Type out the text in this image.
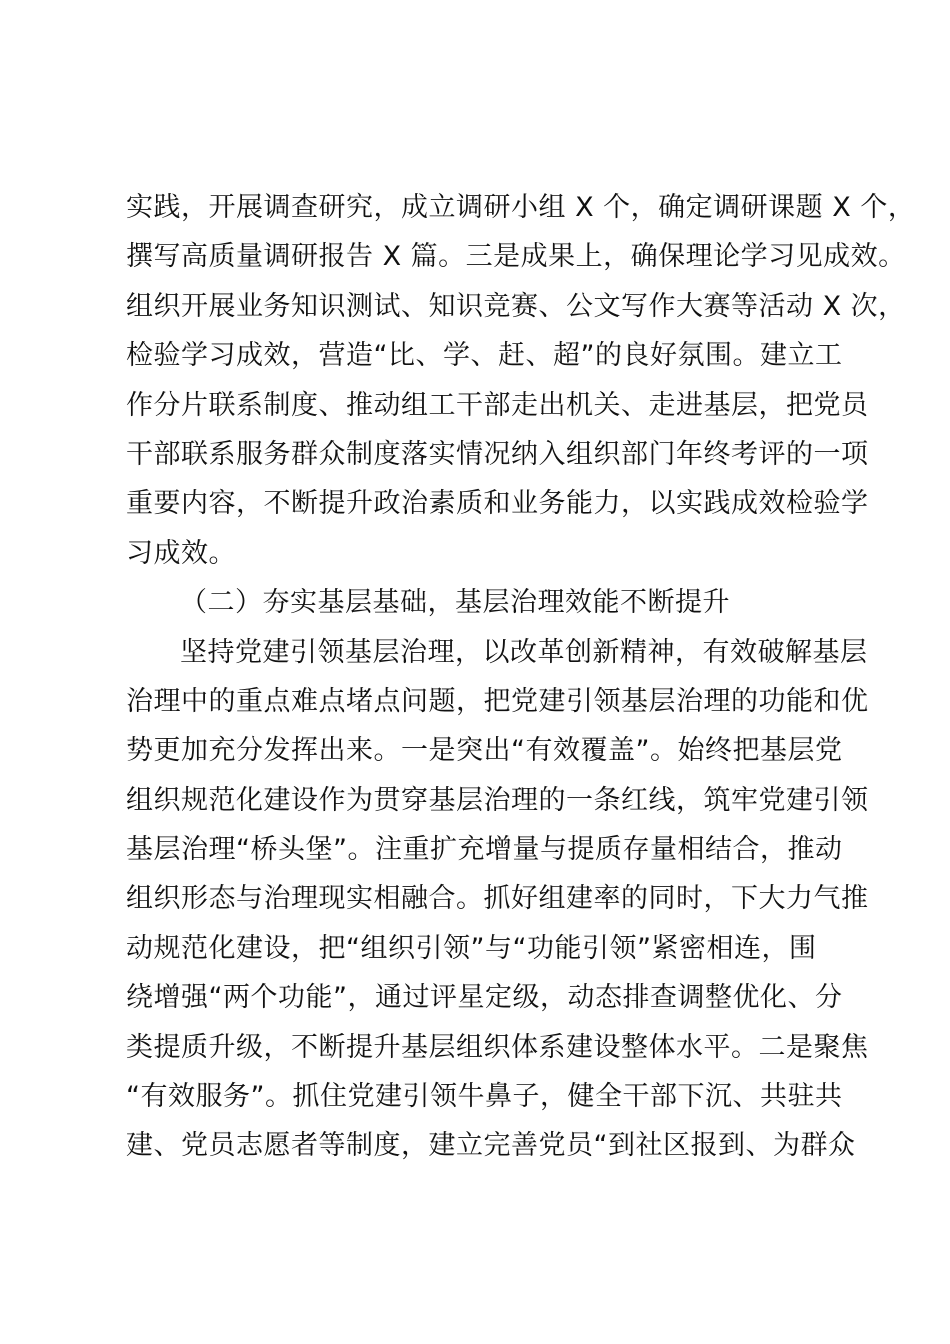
实践，开展调查研究，成立调研小组 X 个，确定调研课题 X 个，
撰写高质量调研报告 X 篇。三是成果上，确保理论学习见成效。
组织开展业务知识测试、知识竞赛、公文写作大赛等活动 X 次，
检验学习成效，营造“比、学、赶、超”的良好氛围。建立工
作分片联系制度、推动组工干部走出机关、走进基层，把党员
干部联系服务群众制度落实情况纳入组织部门年终考评的一项
重要内容，不断提升政治素质和业务能力，以实践成效检验学
习成效。
（二）夯实基层基础，基层治理效能不断提升
坚持党建引领基层治理，以改革创新精神，有效破解基层
治理中的重点难点堵点问题，把党建引领基层治理的功能和优
势更加充分发挥出来。一是突出“有效覆盖”。始终把基层党
组织规范化建设作为贯穿基层治理的一条红线，筑牢党建引领
基层治理“桥头堡”。注重扩充增量与提质存量相结合，推动
组织形态与治理现实相融合。抓好组建率的同时，下大力气推
动规范化建设，把“组织引领”与“功能引领”紧密相连，围
绕增强“两个功能”，通过评星定级，动态排查调整优化、分
类提质升级，不断提升基层组织体系建设整体水平。二是聚焦
“有效服务”。抓住党建引领牛鼻子，健全干部下沉、共驻共
建、党员志愿者等制度，建立完善党员“到社区报到、为群众
